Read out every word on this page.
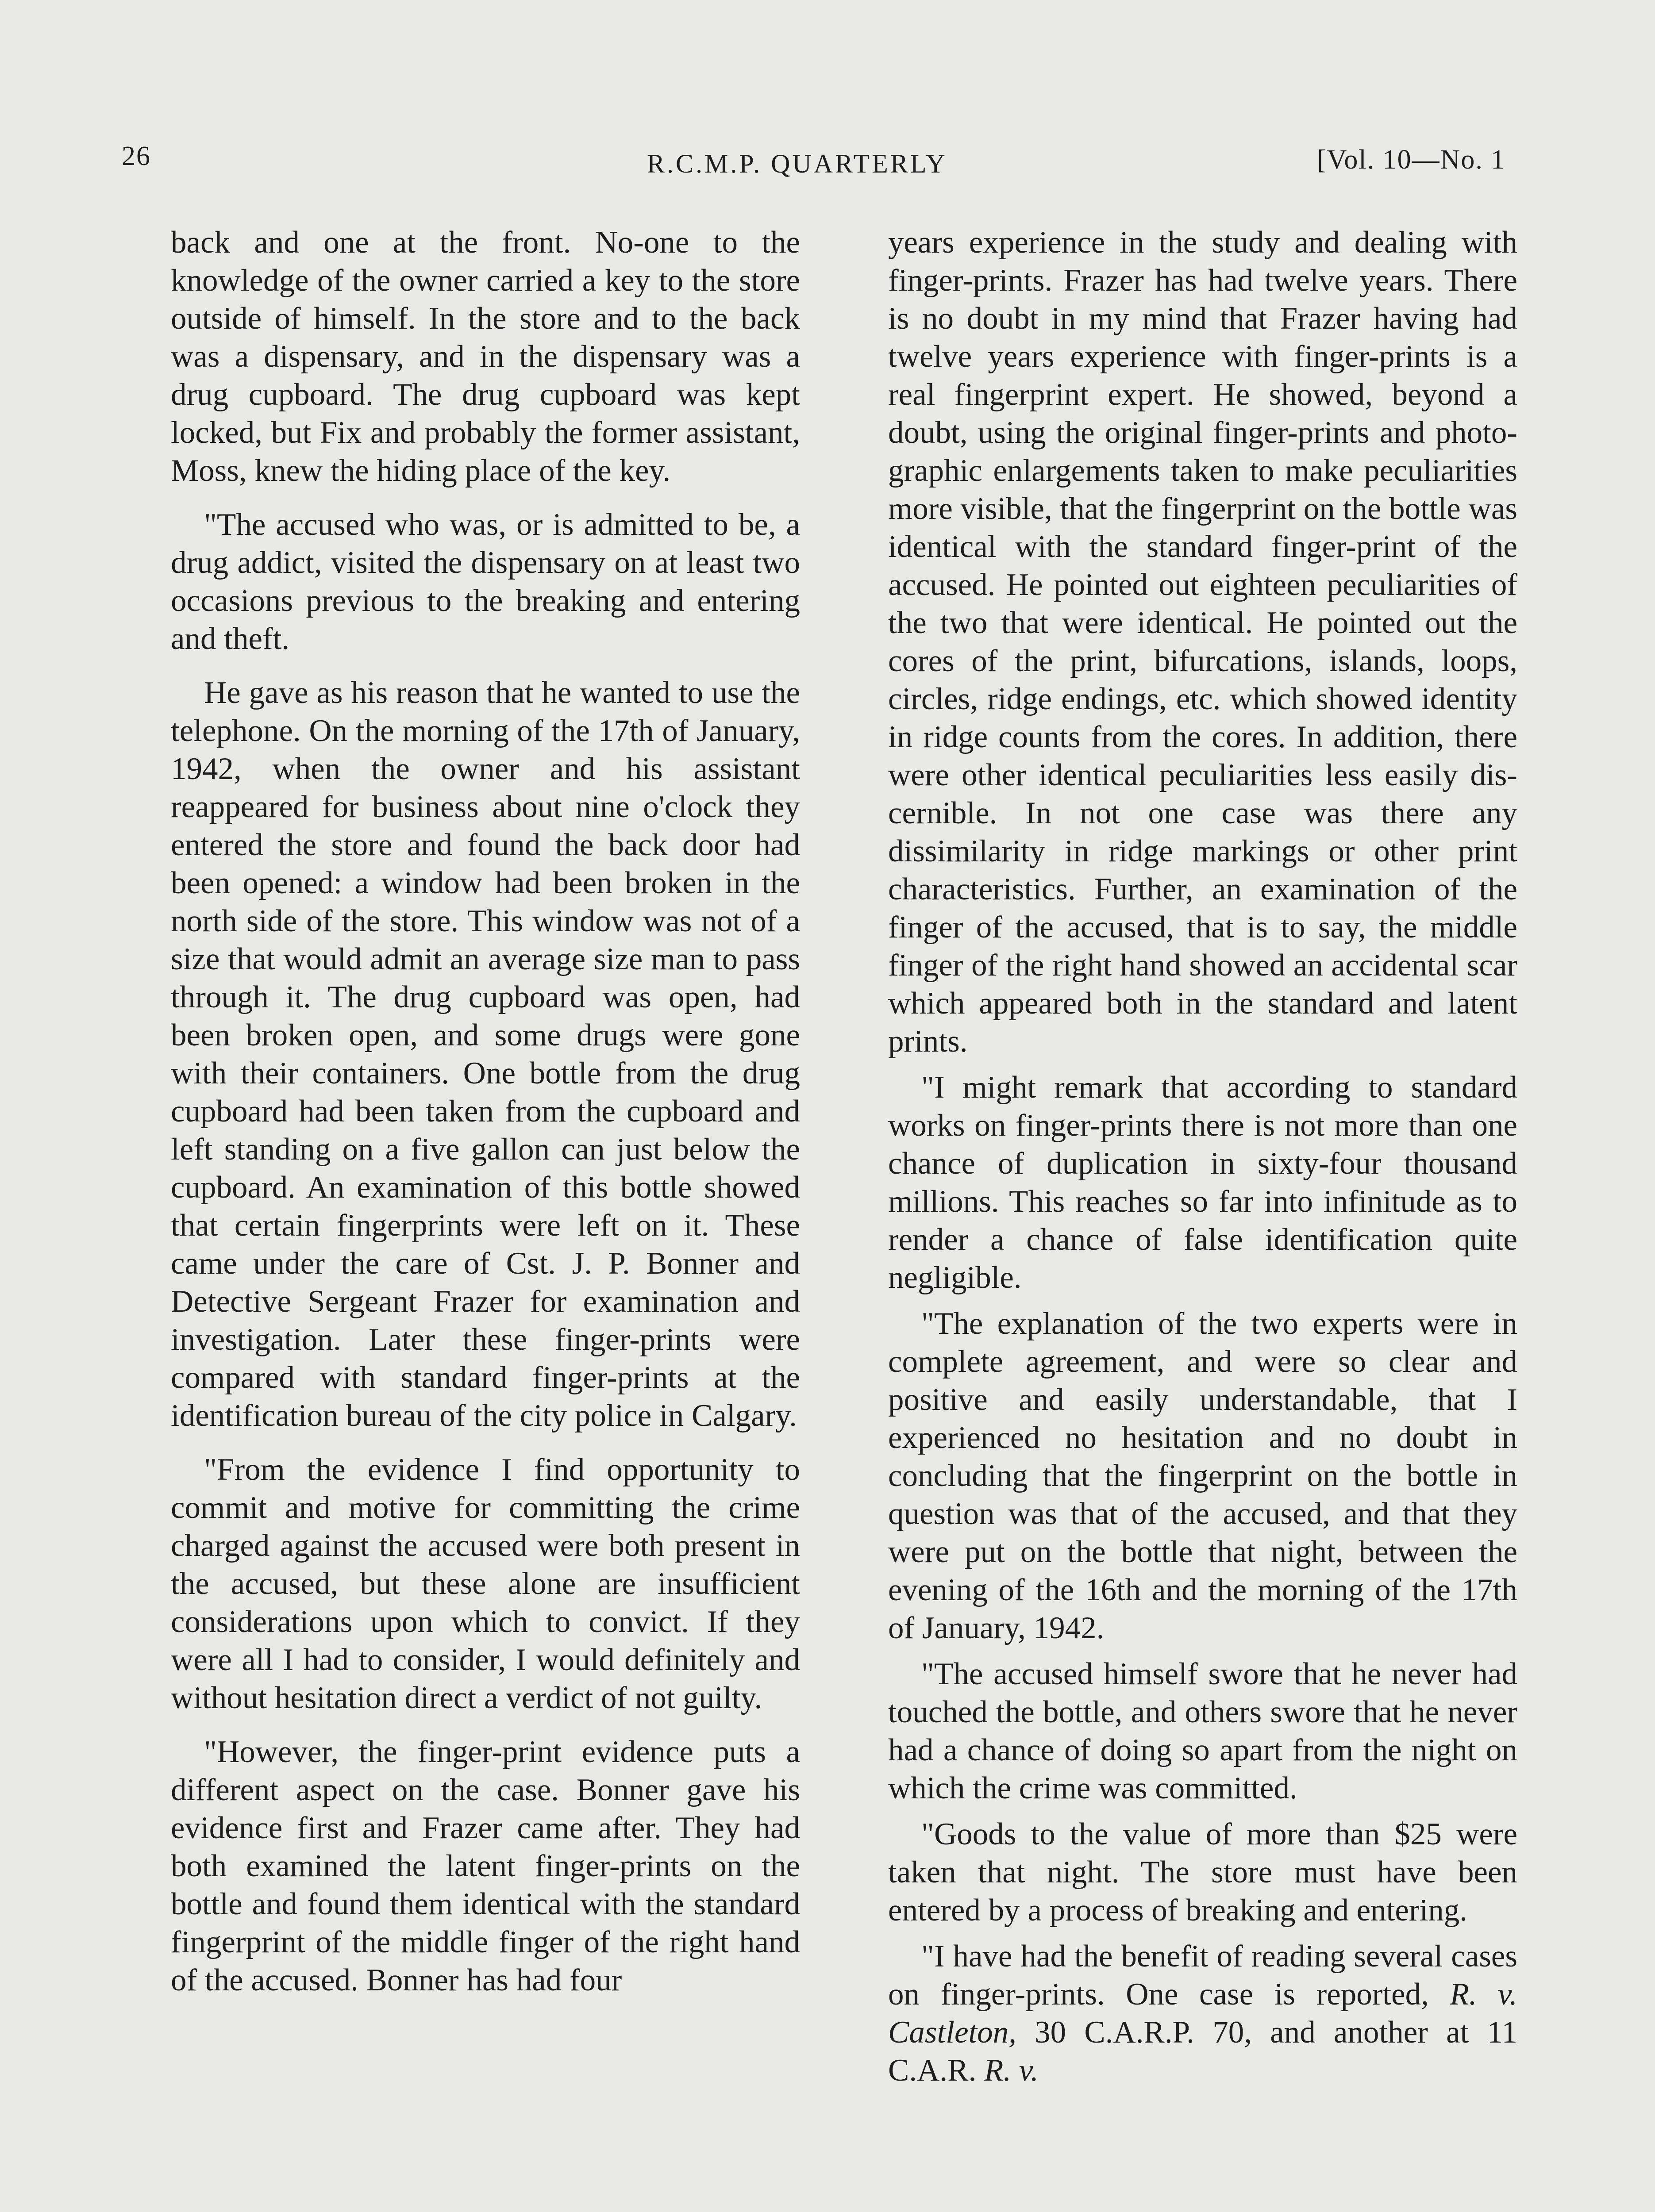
26	R.C.M.P. QUARTERLY	[Vol. 10—No. 1

back and one at the front. No-one to the knowledge of the owner carried a key to the store outside of himself. In the store and to the back was a dispensary, and in the dispensary was a drug cupboard. The drug cupboard was kept locked, but Fix and probably the former assistant, Moss, knew the hiding place of the key.

"The accused who was, or is admitted to be, a drug addict, visited the dispensary on at least two occasions previous to the breaking and entering and theft.

He gave as his reason that he wanted to use the telephone. On the morning of the 17th of January, 1942, when the owner and his assistant reappeared for business about nine o'clock they entered the store and found the back door had been opened: a window had been broken in the north side of the store. This window was not of a size that would admit an average size man to pass through it. The drug cupboard was open, had been broken open, and some drugs were gone with their containers. One bottle from the drug cupboard had been taken from the cupboard and left standing on a five gallon can just below the cupboard. An examination of this bottle showed that certain fingerprints were left on it. These came under the care of Cst. J. P. Bonner and Detective Sergeant Frazer for examination and investigation. Later these finger-prints were compared with standard finger-prints at the identification bureau of the city police in Calgary.

"From the evidence I find opportunity to commit and motive for committing the crime charged against the accused were both present in the accused, but these alone are insufficient considerations upon which to convict. If they were all I had to consider, I would definitely and without hesitation direct a verdict of not guilty.

"However, the finger-print evidence puts a different aspect on the case. Bonner gave his evidence first and Frazer came after. They had both examined the latent finger-prints on the bottle and found them identical with the standard fingerprint of the middle finger of the right hand of the accused. Bonner has had four

years experience in the study and dealing with finger-prints. Frazer has had twelve years. There is no doubt in my mind that Frazer having had twelve years experience with finger-prints is a real fingerprint expert. He showed, beyond a doubt, using the original finger-prints and photographic enlargements taken to make peculiarities more visible, that the fingerprint on the bottle was identical with the standard finger-print of the accused. He pointed out eighteen peculiarities of the two that were identical. He pointed out the cores of the print, bifurcations, islands, loops, circles, ridge endings, etc. which showed identity in ridge counts from the cores. In addition, there were other identical peculiarities less easily discernible. In not one case was there any dissimilarity in ridge markings or other print characteristics. Further, an examination of the finger of the accused, that is to say, the middle finger of the right hand showed an accidental scar which appeared both in the standard and latent prints.

"I might remark that according to standard works on finger-prints there is not more than one chance of duplication in sixty-four thousand millions. This reaches so far into infinitude as to render a chance of false identification quite negligible.

"The explanation of the two experts were in complete agreement, and were so clear and positive and easily understandable, that I experienced no hesitation and no doubt in concluding that the fingerprint on the bottle in question was that of the accused, and that they were put on the bottle that night, between the evening of the 16th and the morning of the 17th of January, 1942.

"The accused himself swore that he never had touched the bottle, and others swore that he never had a chance of doing so apart from the night on which the crime was committed.

"Goods to the value of more than $25 were taken that night. The store must have been entered by a process of breaking and entering.

"I have had the benefit of reading several cases on finger-prints. One case is reported, R. v. Castleton, 30 C.A.R.P. 70, and another at 11 C.A.R. R. v.
